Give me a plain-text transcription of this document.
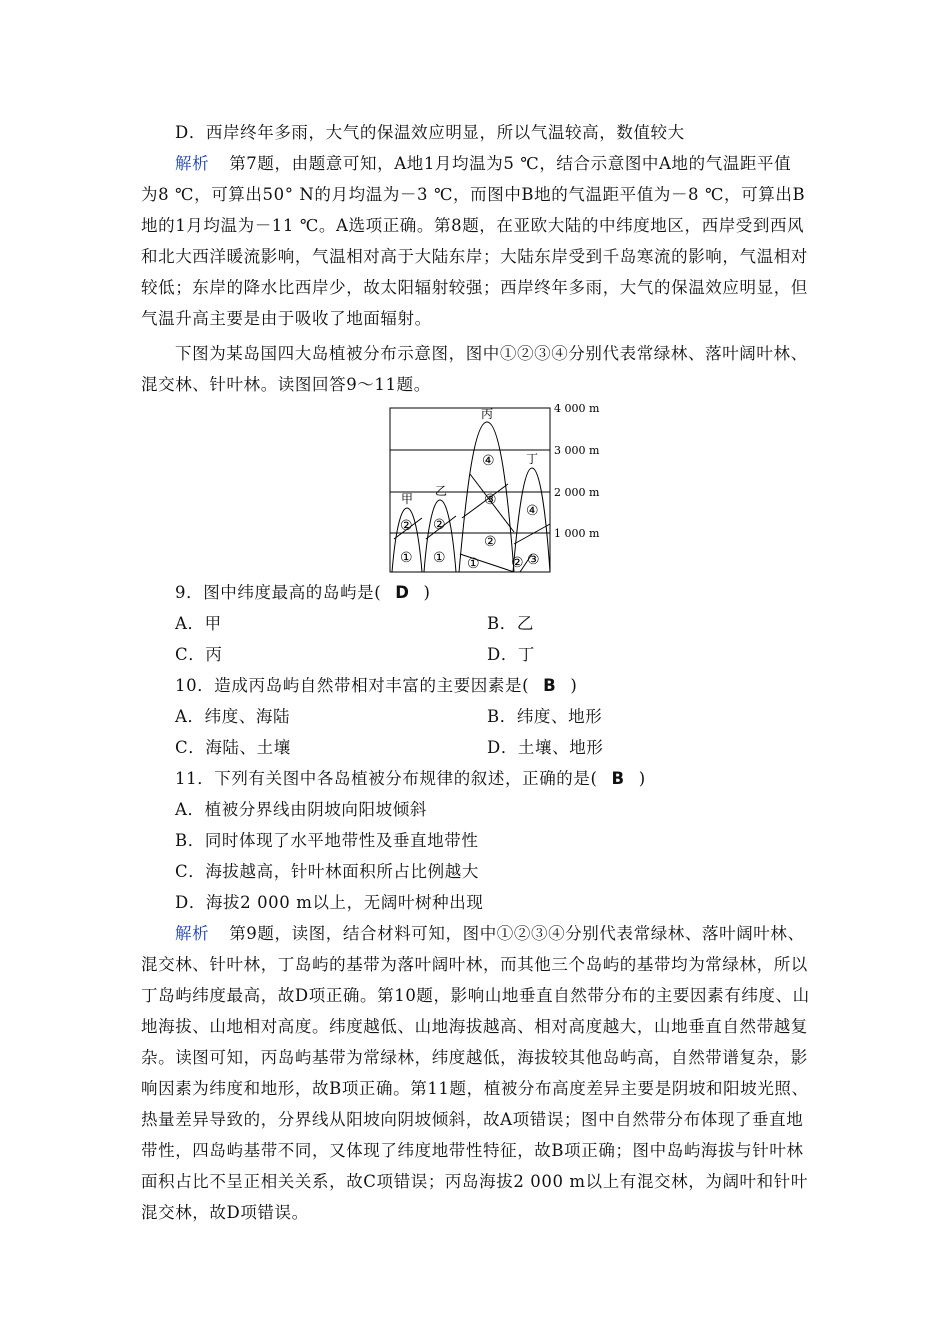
D．西岸终年多雨，大气的保温效应明显，所以气温较高，数值较大
解析 第7题，由题意可知，A地1月均温为5 ℃，结合示意图中A地的气温距平值
为8 ℃，可算出50° N的月均温为－3 ℃，而图中B地的气温距平值为－8 ℃，可算出B
地的1月均温为－11 ℃。A选项正确。第8题，在亚欧大陆的中纬度地区，西岸受到西风
和北大西洋暖流影响，气温相对高于大陆东岸；大陆东岸受到千岛寒流的影响，气温相对
较低；东岸的降水比西岸少，故太阳辐射较强；西岸终年多雨，大气的保温效应明显，但
气温升高主要是由于吸收了地面辐射。
下图为某岛国四大岛植被分布示意图，图中①②③④分别代表常绿林、落叶阔叶林、
混交林、针叶林。读图回答9～11题。
4 000 m
3 000 m
2 000 m
1 000 m
甲
乙
丙
丁
①
②
①
②
①
②
③
④
② ③
④
9．图中纬度最高的岛屿是( D )
A．甲	B．乙
C．丙	D．丁
10．造成丙岛屿自然带相对丰富的主要因素是( B )
A．纬度、海陆	B．纬度、地形
C．海陆、土壤	D．土壤、地形
11．下列有关图中各岛植被分布规律的叙述，正确的是( B )
A．植被分界线由阴坡向阳坡倾斜
B．同时体现了水平地带性及垂直地带性
C．海拔越高，针叶林面积所占比例越大
D．海拔2 000 m以上，无阔叶树种出现
解析 第9题，读图，结合材料可知，图中①②③④分别代表常绿林、落叶阔叶林、
混交林、针叶林，丁岛屿的基带为落叶阔叶林，而其他三个岛屿的基带均为常绿林，所以
丁岛屿纬度最高，故D项正确。第10题，影响山地垂直自然带分布的主要因素有纬度、山
地海拔、山地相对高度。纬度越低、山地海拔越高、相对高度越大，山地垂直自然带越复
杂。读图可知，丙岛屿基带为常绿林，纬度越低，海拔较其他岛屿高，自然带谱复杂，影
响因素为纬度和地形，故B项正确。第11题，植被分布高度差异主要是阴坡和阳坡光照、
热量差异导致的，分界线从阳坡向阴坡倾斜，故A项错误；图中自然带分布体现了垂直地
带性，四岛屿基带不同，又体现了纬度地带性特征，故B项正确；图中岛屿海拔与针叶林
面积占比不呈正相关关系，故C项错误；丙岛海拔2 000 m以上有混交林，为阔叶和针叶
混交林，故D项错误。
